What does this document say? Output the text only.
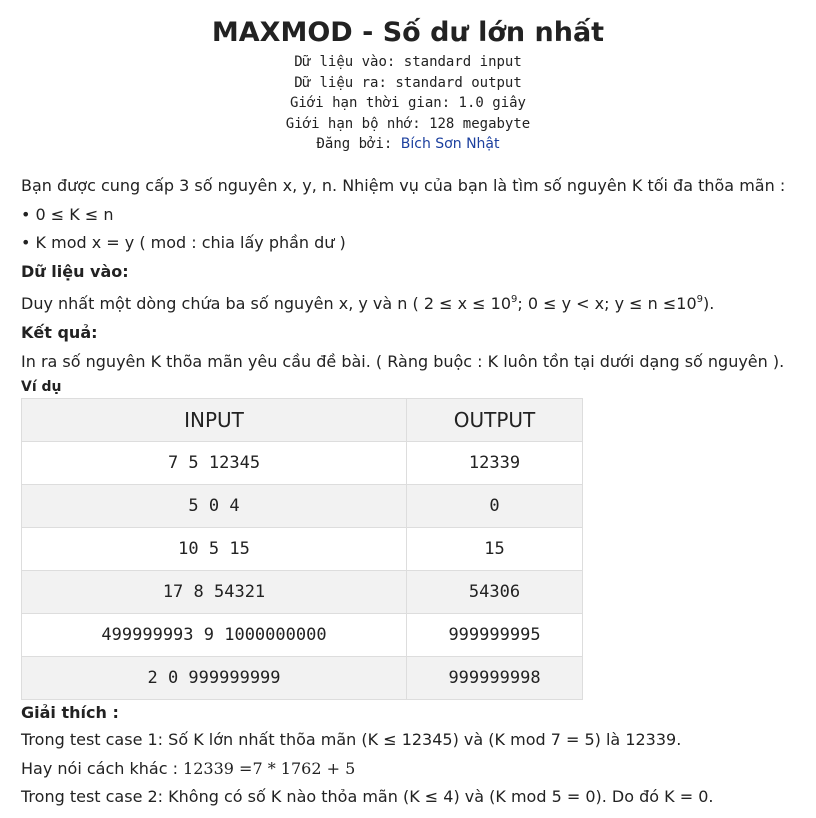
MAXMOD - Số dư lớn nhất
Dữ liệu vào: standard input
Dữ liệu ra: standard output
Giới hạn thời gian: 1.0 giây
Giới hạn bộ nhớ: 128 megabyte
Đăng bởi: Bích Sơn Nhật
Bạn được cung cấp 3 số nguyên x, y, n. Nhiệm vụ của bạn là tìm số nguyên K tối đa thõa mãn :
• 0 ≤ K ≤ n
• K mod x = y ( mod : chia lấy phần dư )
Dữ liệu vào:
Duy nhất một dòng chứa ba số nguyên x, y và n ( $2 \le x \le 10^9$; 0 ≤ y < x; $y \le n \le 10^9$).
Kết quả:
In ra số nguyên K thõa mãn yêu cầu đề bài. ( Ràng buộc : K luôn tồn tại dưới dạng số nguyên ).
Ví dụ
INPUT	OUTPUT
7 5 12345	12339
5 0 4	0
10 5 15	15
17 8 54321	54306
499999993 9 1000000000	999999995
2 0 999999999	999999998
Giải thích :
Trong test case 1: Số K lớn nhất thõa mãn (K ≤ 12345) và (K mod 7 = 5) là 12339.
Hay nói cách khác : 12339 =7 * 1762 + 5
Trong test case 2: Không có số K nào thỏa mãn (K ≤ 4) và (K mod 5 = 0). Do đó K = 0.
